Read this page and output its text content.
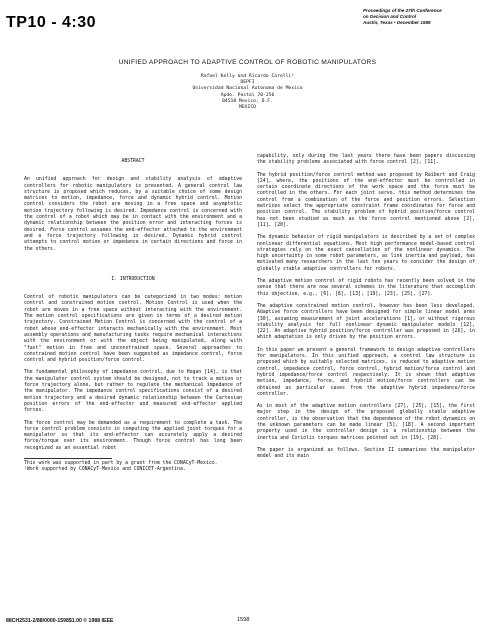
TP10 - 4:30
Proceedings of the 27th Conference
on Decision and Control
Austin, Texas • December 1988
UNIFIED APPROACH TO ADAPTIVE CONTROL OF ROBOTIC MANIPULATORS
Rafael Kelly and Ricardo Carelli¹
DEPFI
Universidad Nacional Autonoma de Mexico
Apdo. Postal 70-256
04510 Mexico, D.F.
MEXICO
ABSTRACT

An unified approach for design and stability analysis of adaptive controllers for robotic manipulators is presented. A general control law structure is proposed which reduces, by a suitable choice of some design matrices to motion, impedance, force and dynamic hybrid control. Motion control considers the robot are moving in a free space and asymptotic motion trajectory following is desired. Impedance control is concerned with the control of a robot which may be in contact with the environment and a dynamic relationship between the position error and interacting forces is desired. Force control assumes the end-effector attached to the environment and a force trajectory following is desired. Dynamic hybrid control attempts to control motion or impedance in certain directions and force in the others.

I. INTRODUCTION

Control of robotic manipulators can be categorized in two modes: motion control and constrained motion control. Motion Control is used when the robot are moves in a free space without interacting with the environment. The motion control specifications are given in terms of a desired motion trajectory. Constrained Motion Control is concerned with the control of a robot whose end-effector interacts mechanically with the environment. Most assembly operations and manufacturing tasks require mechanical interactions with the environment or with the object being manipulated, along with "fast" motion in free and unconstrained space. Several approaches to constrained motion control have been suggested as impedance control, force control and hybrid position/force control.

The fundamental philosophy of impedance control, due to Hogan [14], is that the manipulator control system should be designed, not to track a motion or force trajectory alone, but rather to regulate the mechanical impedance of the manipulator. The impedance control specifications consist of a desired motion trajectory and a desired dynamic relationship between the Cartesian position errors of the end-effector and measured end-effector applied forces.

The force control may be demanded as a requirement to complete a task. The force control problem consists in computing the applied joint torques for a manipulator so that its end-effector can accurately apply a desired force/torque over its environment. Though force control has long been recognized as an essential robot

This work was supported in part by a grant from the CONACyT-Mexico.

¹Work supported by CONACyT-Mexico and CONICET-Argentina.

capability, only during the last years there have been papers discussing the stability problems associated with force control [2], [11].

The hybrid position/force control method was proposed by Raibert and Craig [24], where, the positions of the end-effector must be controlled in certain coordinate directions of the work space and the force must be controlled in the others. For each joint servo, this method determines the control from a combination of the force and position errors. Selection matrices select the appropriate constraint frame coordinates for force and position control. The stability problem of hybrid position/force control has not been studied as much as the force control mentioned above [2], [11], [20].

The dynamic behavior of rigid manipulators is described by a set of complex nonlinear differential equations. Most high performance model-based control strategies rely on the exact cancellation of the nonlinear dynamics. The high uncertainty in some robot parameters, as link inertia and payload, has motivated many researchers in the last ten years to consider the design of globally stable adaptive controllers for robots.

The adaptive motion control of rigid robots has recently been solved in the sense that there are now several schemes in the literature that accomplish this objective, e.g., [6], [8], [13], [19], [23], [25], [27].

The adaptive constrained motion control, however has been less developed. Adaptive force controllers have been designed for simple linear model arms [30], assuming measurement of joint accelerations [1], or without rigorous stability analysis for full nonlinear dynamic manipulator models [12], [22]. An adaptive hybrid position/force controller was proposed in [26], in which adaptation is only driven by the position errors.

In this paper we present a general framework to design adaptive controllers for manipulators. In this unified approach, a control law structure is proposed which by suitably selected matrices, is reduced to adaptive motion control, impedance control, force control, hybrid motion/force control and hybrid impedance/force control respectively. It is shown that adaptive motion, impedance, force, and hybrid motion/force controllers can be obtained as particular cases from the adaptive hybrid impedance/force controller.

As in most of the adaptive motion controllers [27], [25], [15], the first major step in the design of the proposed globally stable adaptive controller, is the observation that the dependence of the robot dynamics on the unknown parameters can be made linear [5], [18]. A second important property used in the controller design is a relationship between the inertia and Coriolis torques matrices pointed out in [19], [28].

The paper is organized as follows. Section II summarizes the manipulator model and its main

88CH2531-2/88/0000-1598$1.00 © 1988 IEEE	1598
